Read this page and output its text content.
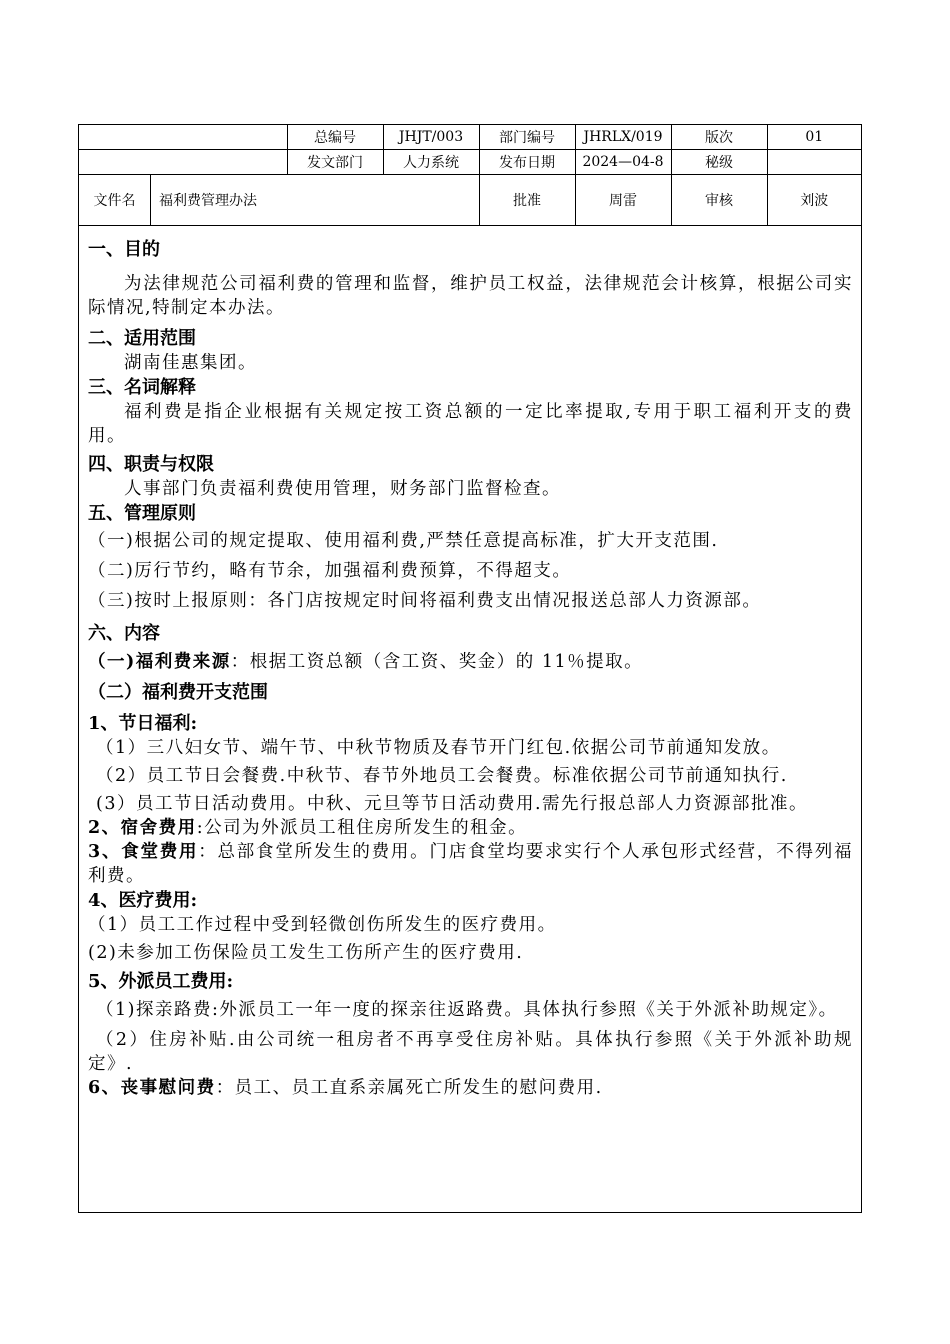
	总编号	JHJT/003	部门编号	JHRLX/019	版次	01
	发文部门	人力系统	发布日期	2024—04-8	秘级	

文件名 福利费管理办法			批准	周雷	审核	刘波

一、目的

为法律规范公司福利费的管理和监督，维护员工权益，法律规范会计核算，根据公司实际情况,特制定本办法。

二、适用范围

湖南佳惠集团。

三、名词解释

福利费是指企业根据有关规定按工资总额的一定比率提取,专用于职工福利开支的费用。

四、职责与权限

人事部门负责福利费使用管理，财务部门监督检查。

五、管理原则

（一)根据公司的规定提取、使用福利费,严禁任意提高标准，扩大开支范围.

（二)厉行节约，略有节余，加强福利费预算，不得超支。

（三)按时上报原则：各门店按规定时间将福利费支出情况报送总部人力资源部。

六、内容

（一)福利费来源：根据工资总额（含工资、奖金）的 11％提取。

（二）福利费开支范围

1、节日福利:

（1）三八妇女节、端午节、中秋节物质及春节开门红包.依据公司节前通知发放。

（2）员工节日会餐费.中秋节、春节外地员工会餐费。标准依据公司节前通知执行.

(3）员工节日活动费用。中秋、元旦等节日活动费用.需先行报总部人力资源部批准。

2、宿舍费用:公司为外派员工租住房所发生的租金。

3、食堂费用：总部食堂所发生的费用。门店食堂均要求实行个人承包形式经营，不得列福利费。

4、医疗费用:

（1）员工工作过程中受到轻微创伤所发生的医疗费用。

(2)未参加工伤保险员工发生工伤所产生的医疗费用.

5、外派员工费用:

（1)探亲路费:外派员工一年一度的探亲往返路费。具体执行参照《关于外派补助规定》。

（2）住房补贴.由公司统一租房者不再享受住房补贴。具体执行参照《关于外派补助规定》.

6、丧事慰问费：员工、员工直系亲属死亡所发生的慰问费用.
